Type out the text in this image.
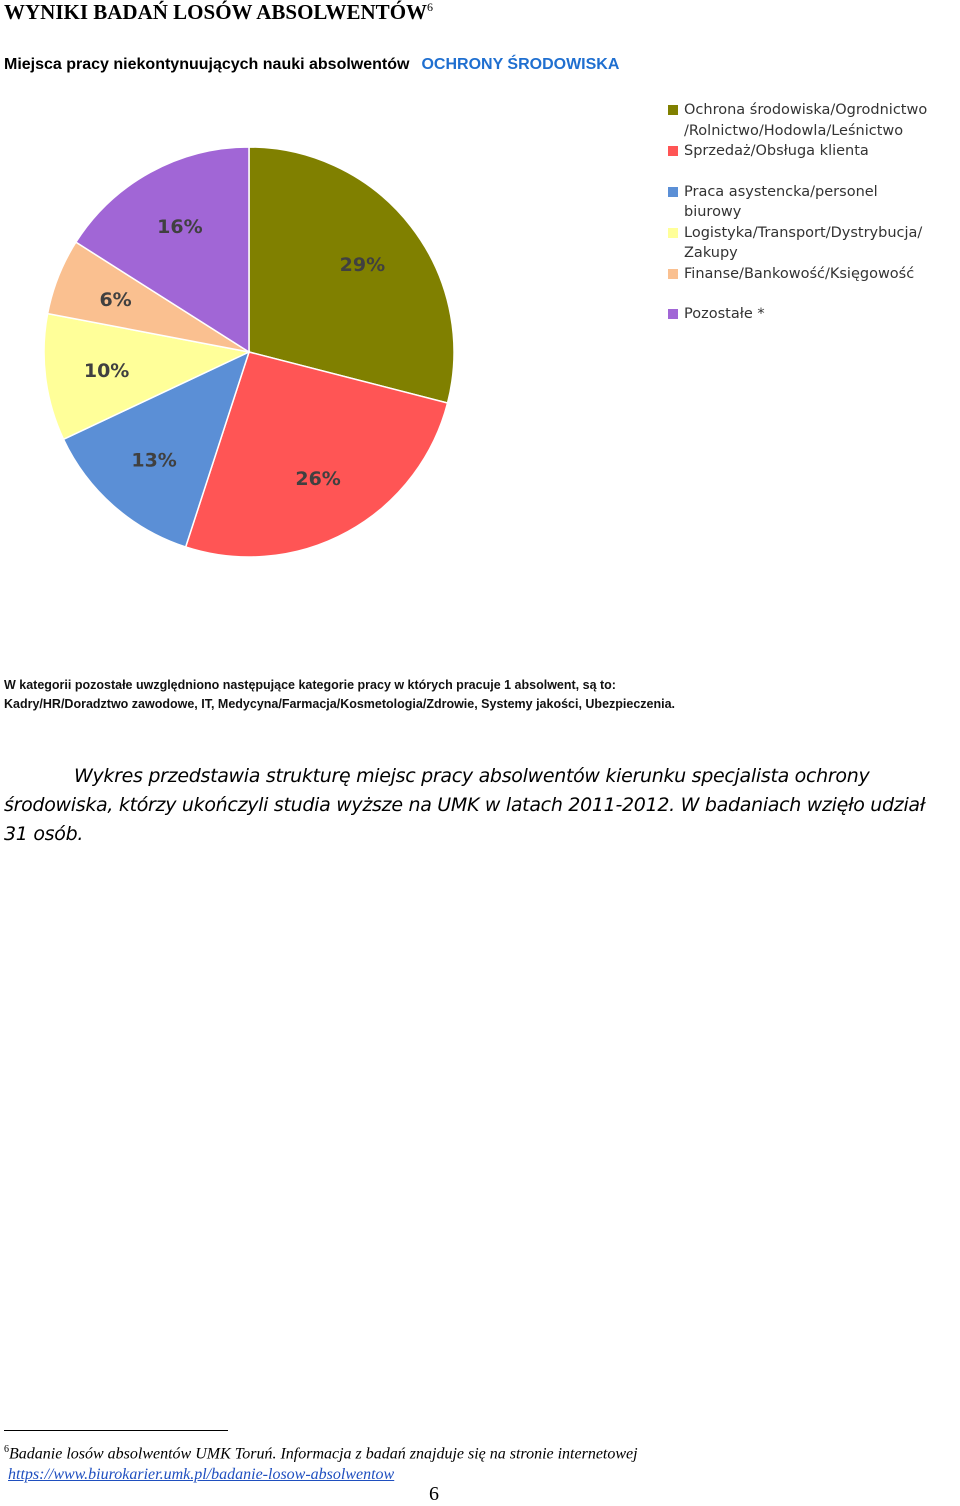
WYNIKI BADAŃ LOSÓW ABSOLWENTÓW$^6$
Miejsca pracy niekontynuujących nauki absolwentów OCHRONY ŚRODOWISKA
29%
26%
13%
10%
6%
16%
Ochrona środowiska/Ogrodnictwo
/Rolnictwo/Hodowla/Leśnictwo
Sprzedaż/Obsługa klienta
Praca asystencka/personel
biurowy
Logistyka/Transport/Dystrybucja/
Zakupy
Finanse/Bankowość/Księgowość
Pozostałe *
W kategorii pozostałe uwzględniono następujące kategorie pracy w których pracuje 1 absolwent, są to:
Kadry/HR/Doradztwo zawodowe, IT, Medycyna/Farmacja/Kosmetologia/Zdrowie, Systemy jakości, Ubezpieczenia.
Wykres przedstawia strukturę miejsc pracy absolwentów kierunku specjalista ochrony środowiska, którzy ukończyli studia wyższe na UMK w latach 2011-2012. W badaniach wzięło udział 31 osób.
$^6$Badanie losów absolwentów UMK Toruń. Informacja z badań znajduje się na stronie internetowej
https://www.biurokarier.umk.pl/badanie-losow-absolwentow
6
